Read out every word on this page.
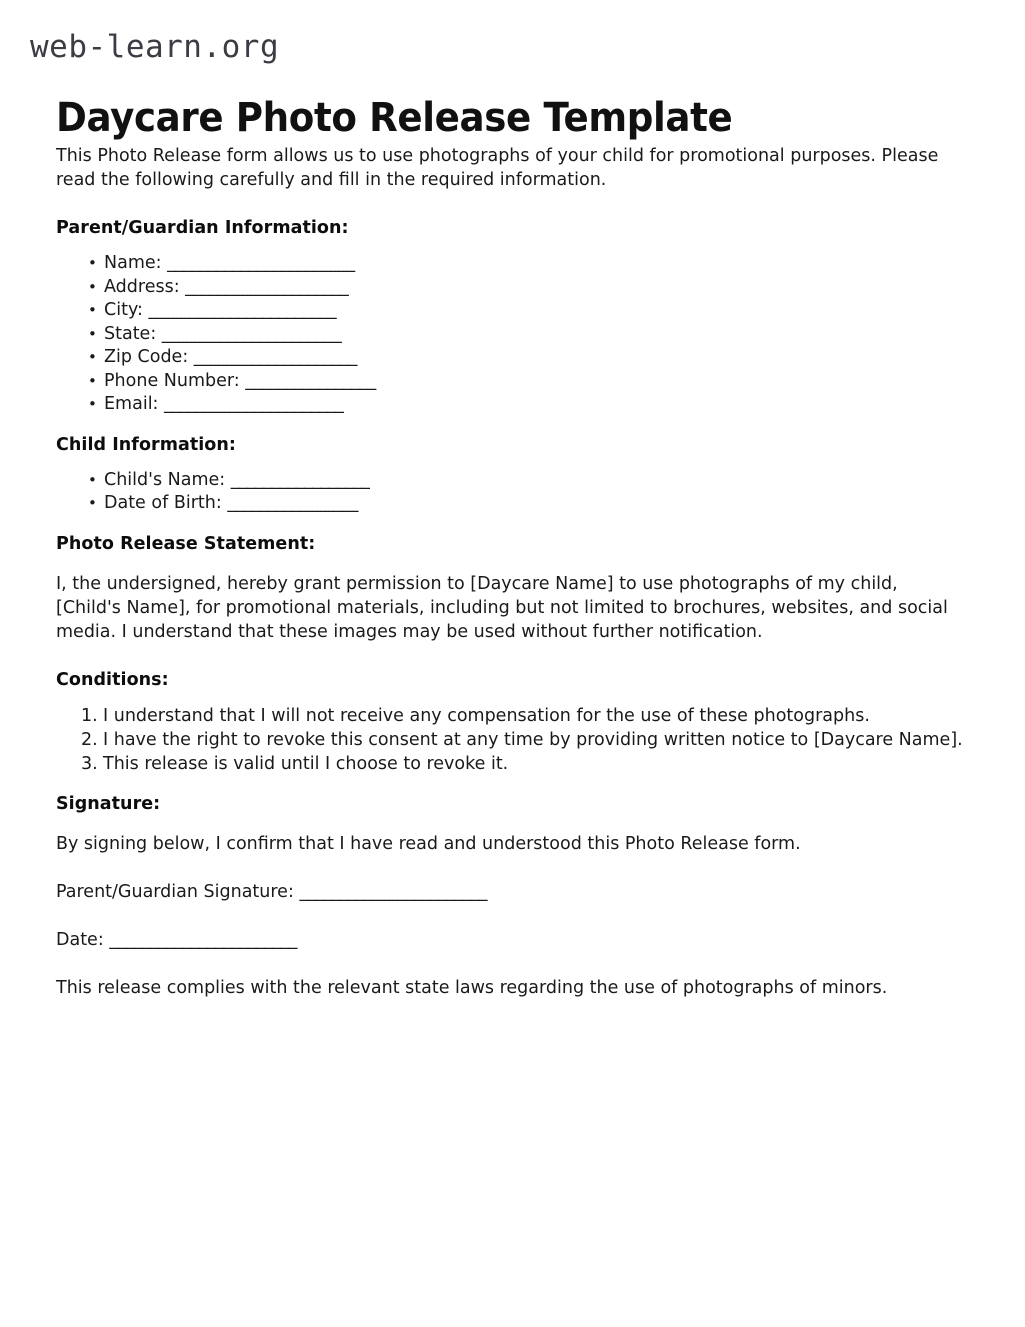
web-learn.org
Daycare Photo Release Template

This Photo Release form allows us to use photographs of your child for promotional purposes. Please read the following carefully and fill in the required information.

Parent/Guardian Information:
• Name: _______________________
• Address: ____________________
• City: _______________________
• State: ______________________
• Zip Code: ____________________
• Phone Number: ________________
• Email: ______________________
Child Information:
• Child's Name: _________________
• Date of Birth: ________________
Photo Release Statement:

I, the undersigned, hereby grant permission to [Daycare Name] to use photographs of my child, [Child's Name], for promotional materials, including but not limited to brochures, websites, and social media. I understand that these images may be used without further notification.

Conditions:
I understand that I will not receive any compensation for the use of these photographs.
I have the right to revoke this consent at any time by providing written notice to [Daycare Name].
This release is valid until I choose to revoke it.
Signature:

By signing below, I confirm that I have read and understood this Photo Release form.

Parent/Guardian Signature: _______________________
Date: _______________________

This release complies with the relevant state laws regarding the use of photographs of minors.
